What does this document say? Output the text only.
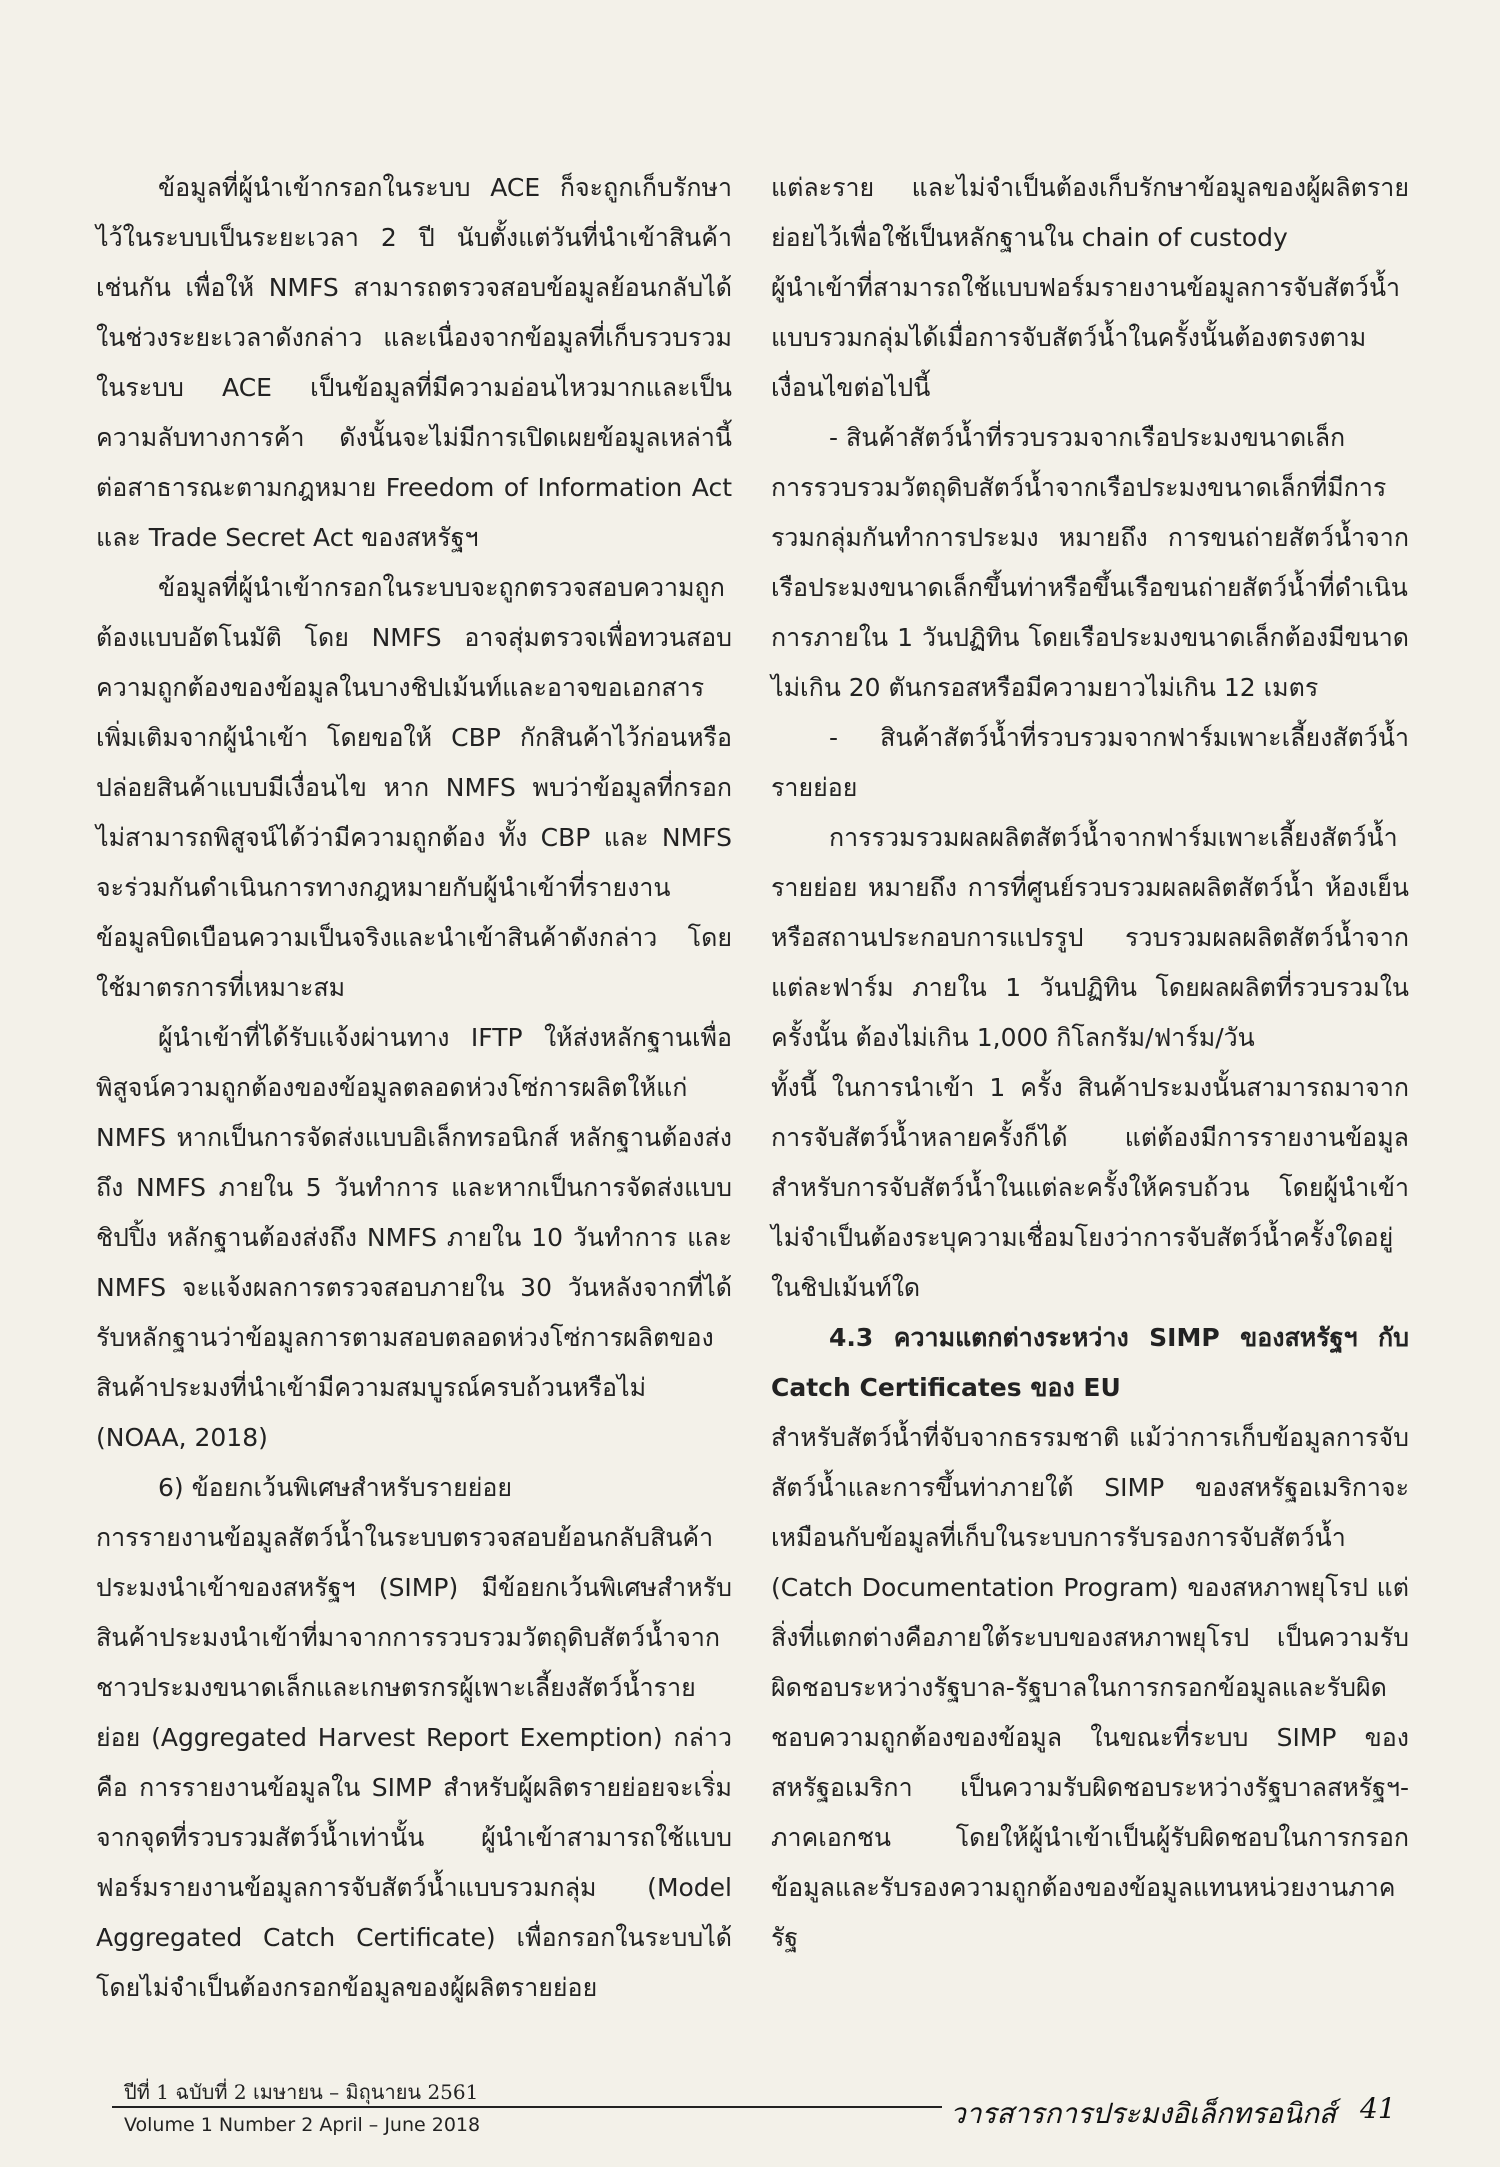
ข้อมูลที่ผู้นำเข้ากรอกในระบบ ACE ก็จะถูกเก็บรักษาไว้ในระบบเป็นระยะเวลา 2 ปี นับตั้งแต่วันที่นำเข้าสินค้าเช่นกัน เพื่อให้ NMFS สามารถตรวจสอบข้อมูลย้อนกลับได้ในช่วงระยะเวลาดังกล่าว และเนื่องจากข้อมูลที่เก็บรวบรวมในระบบ ACE เป็นข้อมูลที่มีความอ่อนไหวมากและเป็นความลับทางการค้า ดังนั้นจะไม่มีการเปิดเผยข้อมูลเหล่านี้ต่อสาธารณะตามกฎหมาย Freedom of Information Act และ Trade Secret Act ของสหรัฐฯ

ข้อมูลที่ผู้นำเข้ากรอกในระบบจะถูกตรวจสอบความถูกต้องแบบอัตโนมัติ โดย NMFS อาจสุ่มตรวจเพื่อทวนสอบความถูกต้องของข้อมูลในบางชิปเม้นท์และอาจขอเอกสารเพิ่มเติมจากผู้นำเข้า โดยขอให้ CBP กักสินค้าไว้ก่อนหรือปล่อยสินค้าแบบมีเงื่อนไข หาก NMFS พบว่าข้อมูลที่กรอกไม่สามารถพิสูจน์ได้ว่ามีความถูกต้อง ทั้ง CBP และ NMFS จะร่วมกันดำเนินการทางกฎหมายกับผู้นำเข้าที่รายงานข้อมูลบิดเบือนความเป็นจริงและนำเข้าสินค้าดังกล่าว โดยใช้มาตรการที่เหมาะสม

ผู้นำเข้าที่ได้รับแจ้งผ่านทาง IFTP ให้ส่งหลักฐานเพื่อพิสูจน์ความถูกต้องของข้อมูลตลอดห่วงโซ่การผลิตให้แก่ NMFS หากเป็นการจัดส่งแบบอิเล็กทรอนิกส์ หลักฐานต้องส่งถึง NMFS ภายใน 5 วันทำการ และหากเป็นการจัดส่งแบบชิปปิ้ง หลักฐานต้องส่งถึง NMFS ภายใน 10 วันทำการ และ NMFS จะแจ้งผลการตรวจสอบภายใน 30 วันหลังจากที่ได้รับหลักฐานว่าข้อมูลการตามสอบตลอดห่วงโซ่การผลิตของสินค้าประมงที่นำเข้ามีความสมบูรณ์ครบถ้วนหรือไม่ (NOAA, 2018)

6) ข้อยกเว้นพิเศษสำหรับรายย่อย

การรายงานข้อมูลสัตว์น้ำในระบบตรวจสอบย้อนกลับสินค้าประมงนำเข้าของสหรัฐฯ (SIMP) มีข้อยกเว้นพิเศษสำหรับสินค้าประมงนำเข้าที่มาจากการรวบรวมวัตถุดิบสัตว์น้ำจากชาวประมงขนาดเล็กและเกษตรกรผู้เพาะเลี้ยงสัตว์น้ำรายย่อย (Aggregated Harvest Report Exemption) กล่าวคือ การรายงานข้อมูลใน SIMP สำหรับผู้ผลิตรายย่อยจะเริ่มจากจุดที่รวบรวมสัตว์น้ำเท่านั้น ผู้นำเข้าสามารถใช้แบบฟอร์มรายงานข้อมูลการจับสัตว์น้ำแบบรวมกลุ่ม (Model Aggregated Catch Certificate) เพื่อกรอกในระบบได้ โดยไม่จำเป็นต้องกรอกข้อมูลของผู้ผลิตรายย่อย

แต่ละราย และไม่จำเป็นต้องเก็บรักษาข้อมูลของผู้ผลิตรายย่อยไว้เพื่อใช้เป็นหลักฐานใน chain of custody

ผู้นำเข้าที่สามารถใช้แบบฟอร์มรายงานข้อมูลการจับสัตว์น้ำแบบรวมกลุ่มได้เมื่อการจับสัตว์น้ำในครั้งนั้นต้องตรงตามเงื่อนไขต่อไปนี้

- สินค้าสัตว์น้ำที่รวบรวมจากเรือประมงขนาดเล็ก

การรวบรวมวัตถุดิบสัตว์น้ำจากเรือประมงขนาดเล็กที่มีการรวมกลุ่มกันทำการประมง หมายถึง การขนถ่ายสัตว์น้ำจากเรือประมงขนาดเล็กขึ้นท่าหรือขึ้นเรือขนถ่ายสัตว์น้ำที่ดำเนินการภายใน 1 วันปฏิทิน โดยเรือประมงขนาดเล็กต้องมีขนาดไม่เกิน 20 ตันกรอสหรือมีความยาวไม่เกิน 12 เมตร

- สินค้าสัตว์น้ำที่รวบรวมจากฟาร์มเพาะเลี้ยงสัตว์น้ำรายย่อย

การรวมรวมผลผลิตสัตว์น้ำจากฟาร์มเพาะเลี้ยงสัตว์น้ำรายย่อย หมายถึง การที่ศูนย์รวบรวมผลผลิตสัตว์น้ำ ห้องเย็น หรือสถานประกอบการแปรรูป รวบรวมผลผลิตสัตว์น้ำจากแต่ละฟาร์ม ภายใน 1 วันปฏิทิน โดยผลผลิตที่รวบรวมในครั้งนั้น ต้องไม่เกิน 1,000 กิโลกรัม/ฟาร์ม/วัน

ทั้งนี้ ในการนำเข้า 1 ครั้ง สินค้าประมงนั้นสามารถมาจากการจับสัตว์น้ำหลายครั้งก็ได้ แต่ต้องมีการรายงานข้อมูลสำหรับการจับสัตว์น้ำในแต่ละครั้งให้ครบถ้วน โดยผู้นำเข้าไม่จำเป็นต้องระบุความเชื่อมโยงว่าการจับสัตว์น้ำครั้งใดอยู่ในชิปเม้นท์ใด

4.3 ความแตกต่างระหว่าง SIMP ของสหรัฐฯ กับ Catch Certificates ของ EU

สำหรับสัตว์น้ำที่จับจากธรรมชาติ แม้ว่าการเก็บข้อมูลการจับสัตว์น้ำและการขึ้นท่าภายใต้ SIMP ของสหรัฐอเมริกาจะเหมือนกับข้อมูลที่เก็บในระบบการรับรองการจับสัตว์น้ำ (Catch Documentation Program) ของสหภาพยุโรป แต่สิ่งที่แตกต่างคือภายใต้ระบบของสหภาพยุโรป เป็นความรับผิดชอบระหว่างรัฐบาล-รัฐบาลในการกรอกข้อมูลและรับผิดชอบความถูกต้องของข้อมูล ในขณะที่ระบบ SIMP ของสหรัฐอเมริกา เป็นความรับผิดชอบระหว่างรัฐบาลสหรัฐฯ-ภาคเอกชน โดยให้ผู้นำเข้าเป็นผู้รับผิดชอบในการกรอกข้อมูลและรับรองความถูกต้องของข้อมูลแทนหน่วยงานภาครัฐ

ปีที่ 1 ฉบับที่ 2 เมษายน – มิถุนายน 2561
Volume 1 Number 2 April – June 2018	วารสารการประมงอิเล็กทรอนิกส์ 41
